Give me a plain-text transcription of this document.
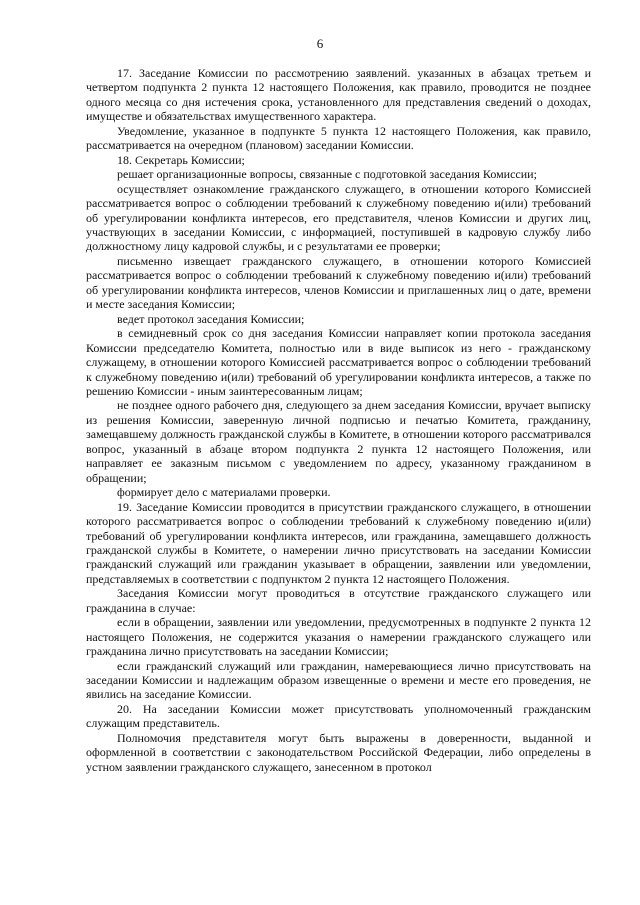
6

17. Заседание Комиссии по рассмотрению заявлений. указанных в абзацах третьем и четвертом подпункта 2 пункта 12 настоящего Положения, как правило, проводится не позднее одного месяца со дня истечения срока, установленного для представления сведений о доходах, имуществе и обязательствах имущественного характера.

Уведомление, указанное в подпункте 5 пункта 12 настоящего Положения, как правило, рассматривается на очередном (плановом) заседании Комиссии.

18. Секретарь Комиссии;

решает организационные вопросы, связанные с подготовкой заседания Комиссии;

осуществляет ознакомление гражданского служащего, в отношении которого Комиссией рассматривается вопрос о соблюдении требований к служебному поведению и(или) требований об урегулировании конфликта интересов, его представителя, членов Комиссии и других лиц, участвующих в заседании Комиссии, с информацией, поступившей в кадровую службу либо должностному лицу кадровой службы, и с результатами ее проверки;

письменно извещает гражданского служащего, в отношении которого Комиссией рассматривается вопрос о соблюдении требований к служебному поведению и(или) требований об урегулировании конфликта интересов, членов Комиссии и приглашенных лиц о дате, времени и месте заседания Комиссии;

ведет протокол заседания Комиссии;

в семидневный срок со дня заседания Комиссии направляет копии протокола заседания Комиссии председателю Комитета, полностью или в виде выписок из него - гражданскому служащему, в отношении которого Комиссией рассматривается вопрос о соблюдении требований к служебному поведению и(или) требований об урегулировании конфликта интересов, а также по решению Комиссии - иным заинтересованным лицам;

не позднее одного рабочего дня, следующего за днем заседания Комиссии, вручает выписку из решения Комиссии, заверенную личной подписью и печатью Комитета, гражданину, замещавшему должность гражданской службы в Комитете, в отношении которого рассматривался вопрос, указанный в абзаце втором подпункта 2 пункта 12 настоящего Положения, или направляет ее заказным письмом с уведомлением по адресу, указанному гражданином в обращении;

формирует дело с материалами проверки.

19. Заседание Комиссии проводится в присутствии гражданского служащего, в отношении которого рассматривается вопрос о соблюдении требований к служебному поведению и(или) требований об урегулировании конфликта интересов, или гражданина, замещавшего должность гражданской службы в Комитете, о намерении лично присутствовать на заседании Комиссии гражданский служащий или гражданин указывает в обращении, заявлении или уведомлении, представляемых в соответствии с подпунктом 2 пункта 12 настоящего Положения.

Заседания Комиссии могут проводиться в отсутствие гражданского служащего или гражданина в случае:

если в обращении, заявлении или уведомлении, предусмотренных в подпункте 2 пункта 12 настоящего Положения, не содержится указания о намерении гражданского служащего или гражданина лично присутствовать на заседании Комиссии;

если гражданский служащий или гражданин, намеревающиеся лично присутствовать на заседании Комиссии и надлежащим образом извещенные о времени и месте его проведения, не явились на заседание Комиссии.

20. На заседании Комиссии может присутствовать уполномоченный гражданским служащим представитель.

Полномочия представителя могут быть выражены в доверенности, выданной и оформленной в соответствии с законодательством Российской Федерации, либо определены в устном заявлении гражданского служащего, занесенном в протокол
